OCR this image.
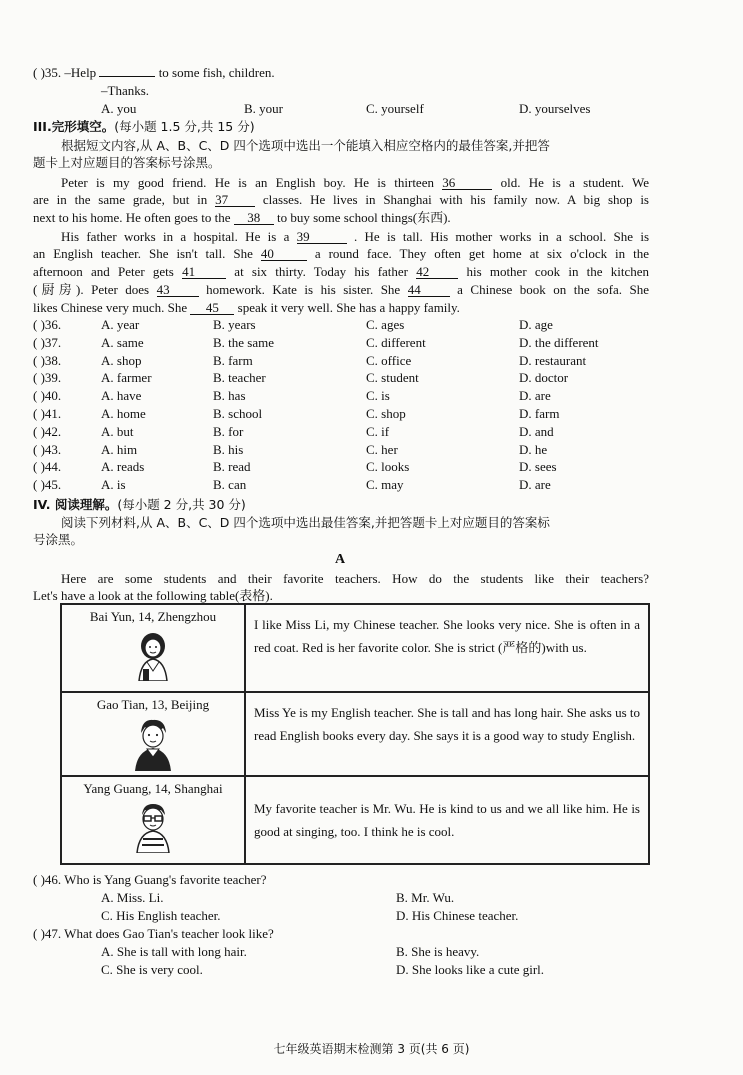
( )35. –Help	to some fish, children.
–Thanks.
A. you	B. your	C. yourself	D. yourselves
III.完形填空。(每小题 1.5 分,共 15 分)
根据短文内容,从 A、B、C、D 四个选项中选出一个能填入相应空格内的最佳答案,并把答
题卡上对应题目的答案标号涂黑。
Peter is my good friend. He is an English boy. He is thirteen 36	old. He is a student. We
are in the same grade, but in 37	classes. He lives in Shanghai with his family now. A big shop is
next to his home. He often goes to the 38 to buy some school things(东西).
His father works in a hospital. He is a 39	. He is tall. His mother works in a school. She is
an English teacher. She isn't tall. She 40	a round face. They often get home at six o'clock in the
afternoon and Peter gets 41	at six thirty. Today his father 42	his mother cook in the kitchen
(厨房). Peter does 43	homework. Kate is his sister. She 44	a Chinese book on the sofa. She
likes Chinese very much. She 45 speak it very well. She has a happy family.
( )36.	A. year	B. years	C. ages	D. age
( )37.	A. same	B. the same	C. different	D. the different
( )38.	A. shop	B. farm	C. office	D. restaurant
( )39.	A. farmer	B. teacher	C. student	D. doctor
( )40.	A. have	B. has	C. is	D. are
( )41.	A. home	B. school	C. shop	D. farm
( )42.	A. but	B. for	C. if	D. and
( )43.	A. him	B. his	C. her	D. he
( )44.	A. reads	B. read	C. looks	D. sees
( )45.	A. is	B. can	C. may	D. are
IV. 阅读理解。(每小题 2 分,共 30 分)
阅读下列材料,从 A、B、C、D 四个选项中选出最佳答案,并把答题卡上对应题目的答案标
号涂黑。
A
Here are some students and their favorite teachers. How do the students like their teachers?
Let's have a look at the following table(表格).
Bai Yun, 14, Zhengzhou	I like Miss Li, my Chinese teacher. She looks very nice. She is often in a red coat. Red is her favorite color. She is strict (严格的)with us.

Gao Tian, 13, Beijing	Miss Ye is my English teacher. She is tall and has long hair. She asks us to read English books every day. She says it is a good way to study English.

Yang Guang, 14, Shanghai	My favorite teacher is Mr. Wu. He is kind to us and we all like him. He is good at singing, too. I think he is cool.
( )46. Who is Yang Guang's favorite teacher?
A. Miss. Li.	B. Mr. Wu.
C. His English teacher.	D. His Chinese teacher.
( )47. What does Gao Tian's teacher look like?
A. She is tall with long hair.	B. She is heavy.
C. She is very cool.	D. She looks like a cute girl.
七年级英语期末检测第 3 页(共 6 页)
